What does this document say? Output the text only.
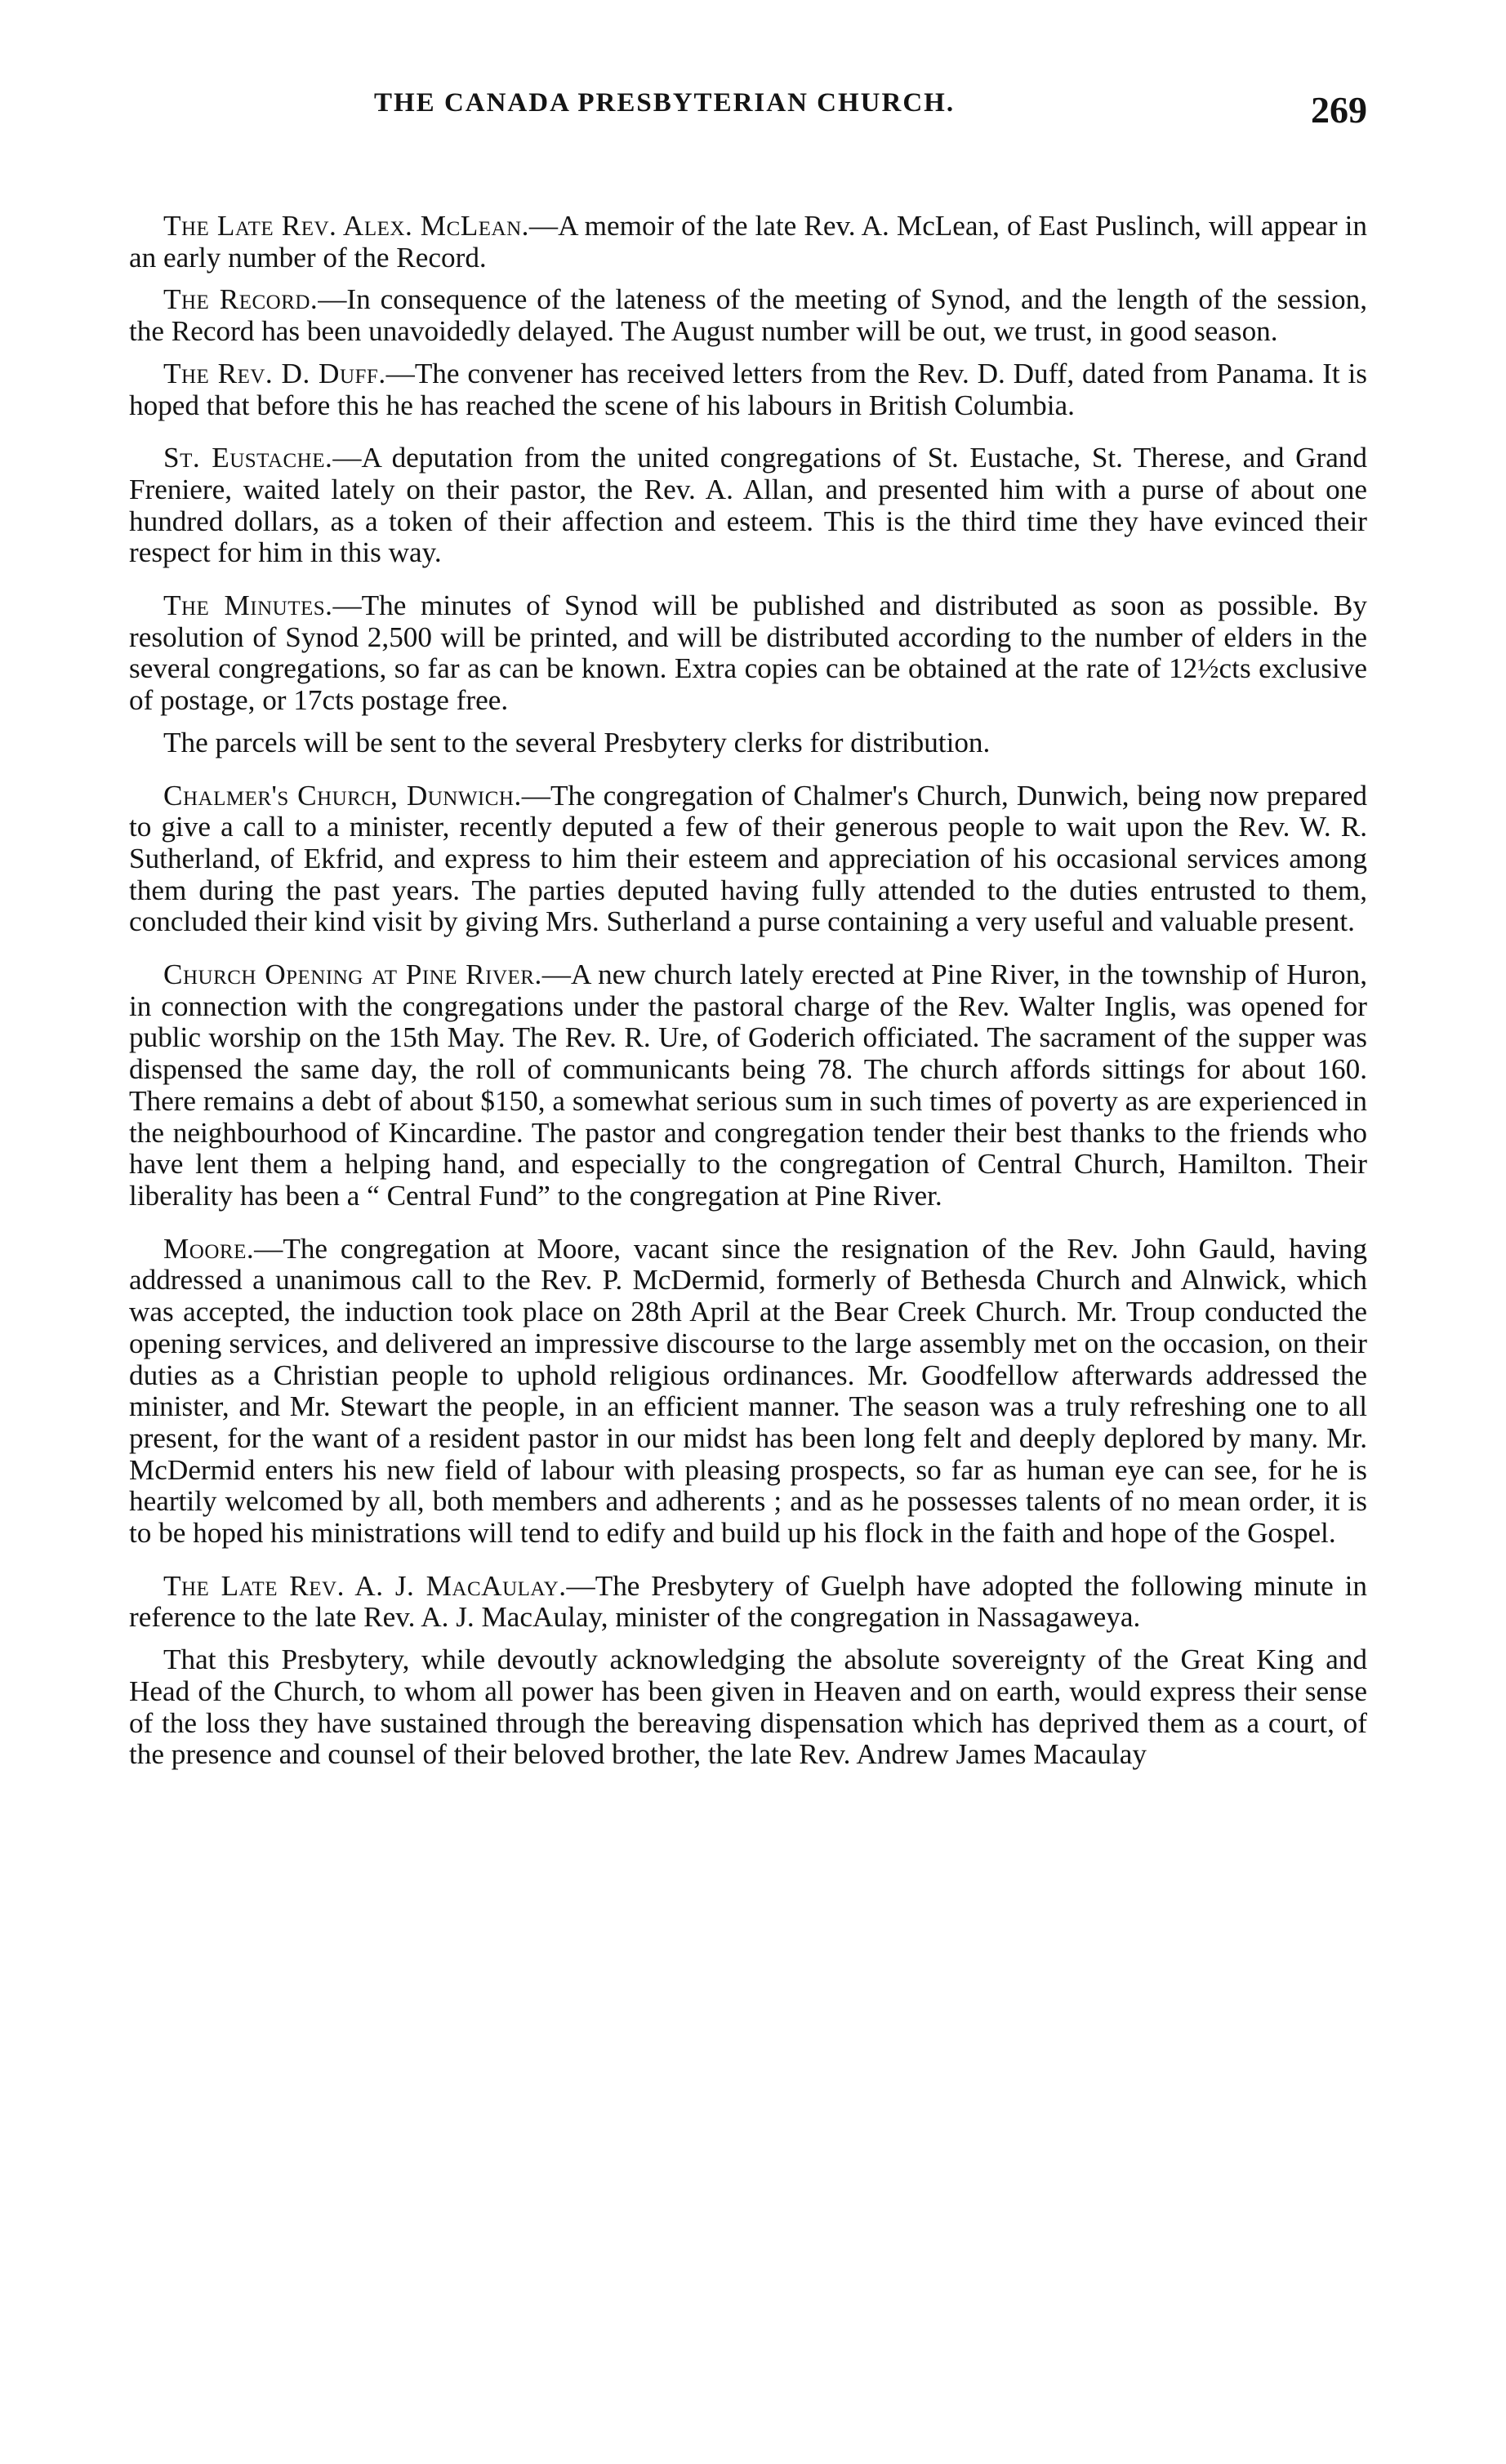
THE CANADA PRESBYTERIAN CHURCH.	269

The Late Rev. Alex. McLean.—A memoir of the late Rev. A. McLean, of East Puslinch, will appear in an early number of the Record.

The Record.—In consequence of the lateness of the meeting of Synod, and the length of the session, the Record has been unavoidedly delayed. The August number will be out, we trust, in good season.

The Rev. D. Duff.—The convener has received letters from the Rev. D. Duff, dated from Panama. It is hoped that before this he has reached the scene of his labours in British Columbia.

St. Eustache.—A deputation from the united congregations of St. Eustache, St. Therese, and Grand Freniere, waited lately on their pastor, the Rev. A. Allan, and presented him with a purse of about one hundred dollars, as a token of their affection and esteem. This is the third time they have evinced their respect for him in this way.

The Minutes.—The minutes of Synod will be published and distributed as soon as possible. By resolution of Synod 2,500 will be printed, and will be distributed according to the number of elders in the several congregations, so far as can be known. Extra copies can be obtained at the rate of 12½cts exclusive of postage, or 17cts postage free.

The parcels will be sent to the several Presbytery clerks for distribution.

Chalmer's Church, Dunwich.—The congregation of Chalmer's Church, Dunwich, being now prepared to give a call to a minister, recently deputed a few of their generous people to wait upon the Rev. W. R. Sutherland, of Ekfrid, and express to him their esteem and appreciation of his occasional services among them during the past years. The parties deputed having fully attended to the duties entrusted to them, concluded their kind visit by giving Mrs. Sutherland a purse containing a very useful and valuable present.

Church Opening at Pine River.—A new church lately erected at Pine River, in the township of Huron, in connection with the congregations under the pastoral charge of the Rev. Walter Inglis, was opened for public worship on the 15th May. The Rev. R. Ure, of Goderich officiated. The sacrament of the supper was dispensed the same day, the roll of communicants being 78. The church affords sittings for about 160. There remains a debt of about $150, a somewhat serious sum in such times of poverty as are experienced in the neighbourhood of Kincardine. The pastor and congregation tender their best thanks to the friends who have lent them a helping hand, and especially to the congregation of Central Church, Hamilton. Their liberality has been a “ Central Fund” to the congregation at Pine River.

Moore.—The congregation at Moore, vacant since the resignation of the Rev. John Gauld, having addressed a unanimous call to the Rev. P. McDermid, formerly of Bethesda Church and Alnwick, which was accepted, the induction took place on 28th April at the Bear Creek Church. Mr. Troup conducted the opening services, and delivered an impressive discourse to the large assembly met on the occasion, on their duties as a Christian people to uphold religious ordinances. Mr. Goodfellow afterwards addressed the minister, and Mr. Stewart the people, in an efficient manner. The season was a truly refreshing one to all present, for the want of a resident pastor in our midst has been long felt and deeply deplored by many. Mr. McDermid enters his new field of labour with pleasing prospects, so far as human eye can see, for he is heartily welcomed by all, both members and adherents ; and as he possesses talents of no mean order, it is to be hoped his ministrations will tend to edify and build up his flock in the faith and hope of the Gospel.

The Late Rev. A. J. MacAulay.—The Presbytery of Guelph have adopted the following minute in reference to the late Rev. A. J. MacAulay, minister of the congregation in Nassagaweya.

That this Presbytery, while devoutly acknowledging the absolute sovereignty of the Great King and Head of the Church, to whom all power has been given in Heaven and on earth, would express their sense of the loss they have sustained through the bereaving dispensation which has deprived them as a court, of the presence and counsel of their beloved brother, the late Rev. Andrew James Macaulay
